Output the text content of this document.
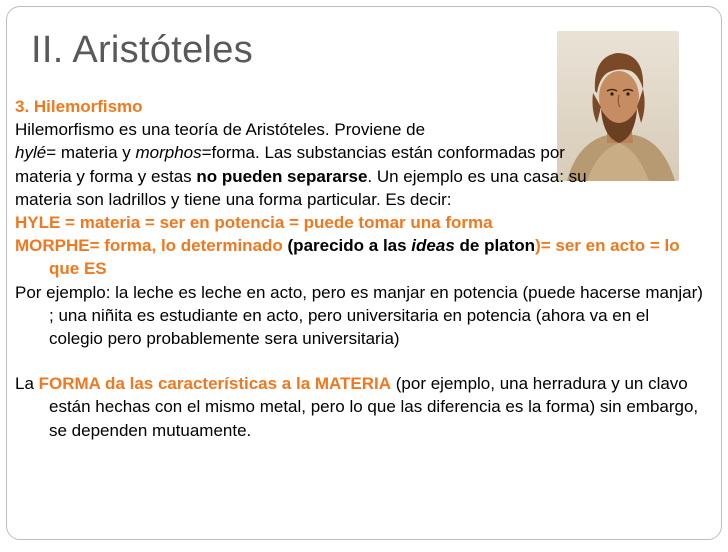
II. Aristóteles

3. Hilemorfismo

Hilemorfismo es una teoría de Aristóteles. Proviene de

hylé= materia y morphos=forma. Las substancias están conformadas por

materia y forma y estas no pueden separarse. Un ejemplo es una casa: su

materia son ladrillos y tiene una forma particular. Es decir:

HYLE = materia = ser en potencia = puede tomar una forma

MORPHE= forma, lo determinado (parecido a las ideas de platon)= ser en acto = lo que ES

Por ejemplo: la leche es leche en acto, pero es manjar en potencia (puede hacerse manjar) ; una niñita es estudiante en acto, pero universitaria en potencia (ahora va en el colegio pero probablemente sera universitaria)

La FORMA da las características a la MATERIA (por ejemplo, una herradura y un clavo están hechas con el mismo metal, pero lo que las diferencia es la forma) sin embargo, se dependen mutuamente.
